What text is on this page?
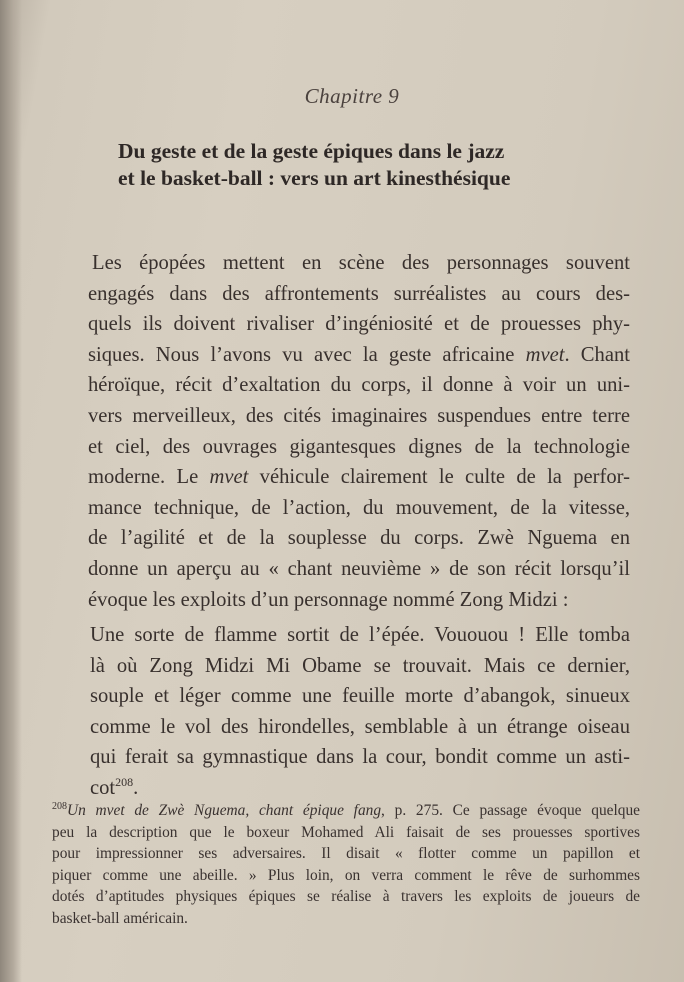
Chapitre 9
Du geste et de la geste épiques dans le jazz
et le basket-ball : vers un art kinesthésique
Les épopées mettent en scène des personnages souvent
engagés dans des affrontements surréalistes au cours des-
quels ils doivent rivaliser d’ingéniosité et de prouesses phy-
siques. Nous l’avons vu avec la geste africaine mvet. Chant
héroïque, récit d’exaltation du corps, il donne à voir un uni-
vers merveilleux, des cités imaginaires suspendues entre terre
et ciel, des ouvrages gigantesques dignes de la technologie
moderne. Le mvet véhicule clairement le culte de la perfor-
mance technique, de l’action, du mouvement, de la vitesse,
de l’agilité et de la souplesse du corps. Zwè Nguema en
donne un aperçu au « chant neuvième » de son récit lorsqu’il
évoque les exploits d’un personnage nommé Zong Midzi :
Une sorte de flamme sortit de l’épée. Vououou ! Elle tomba
là où Zong Midzi Mi Obame se trouvait. Mais ce dernier,
souple et léger comme une feuille morte d’abangok, sinueux
comme le vol des hirondelles, semblable à un étrange oiseau
qui ferait sa gymnastique dans la cour, bondit comme un asti-
$\cot^{208}$.
$^{208}$Un mvet de Zwè Nguema, chant épique fang, p. 275. Ce passage évoque quelque
peu la description que le boxeur Mohamed Ali faisait de ses prouesses sportives
pour impressionner ses adversaires. Il disait « flotter comme un papillon et
piquer comme une abeille. » Plus loin, on verra comment le rêve de surhommes
dotés d’aptitudes physiques épiques se réalise à travers les exploits de joueurs de
basket-ball américain.
